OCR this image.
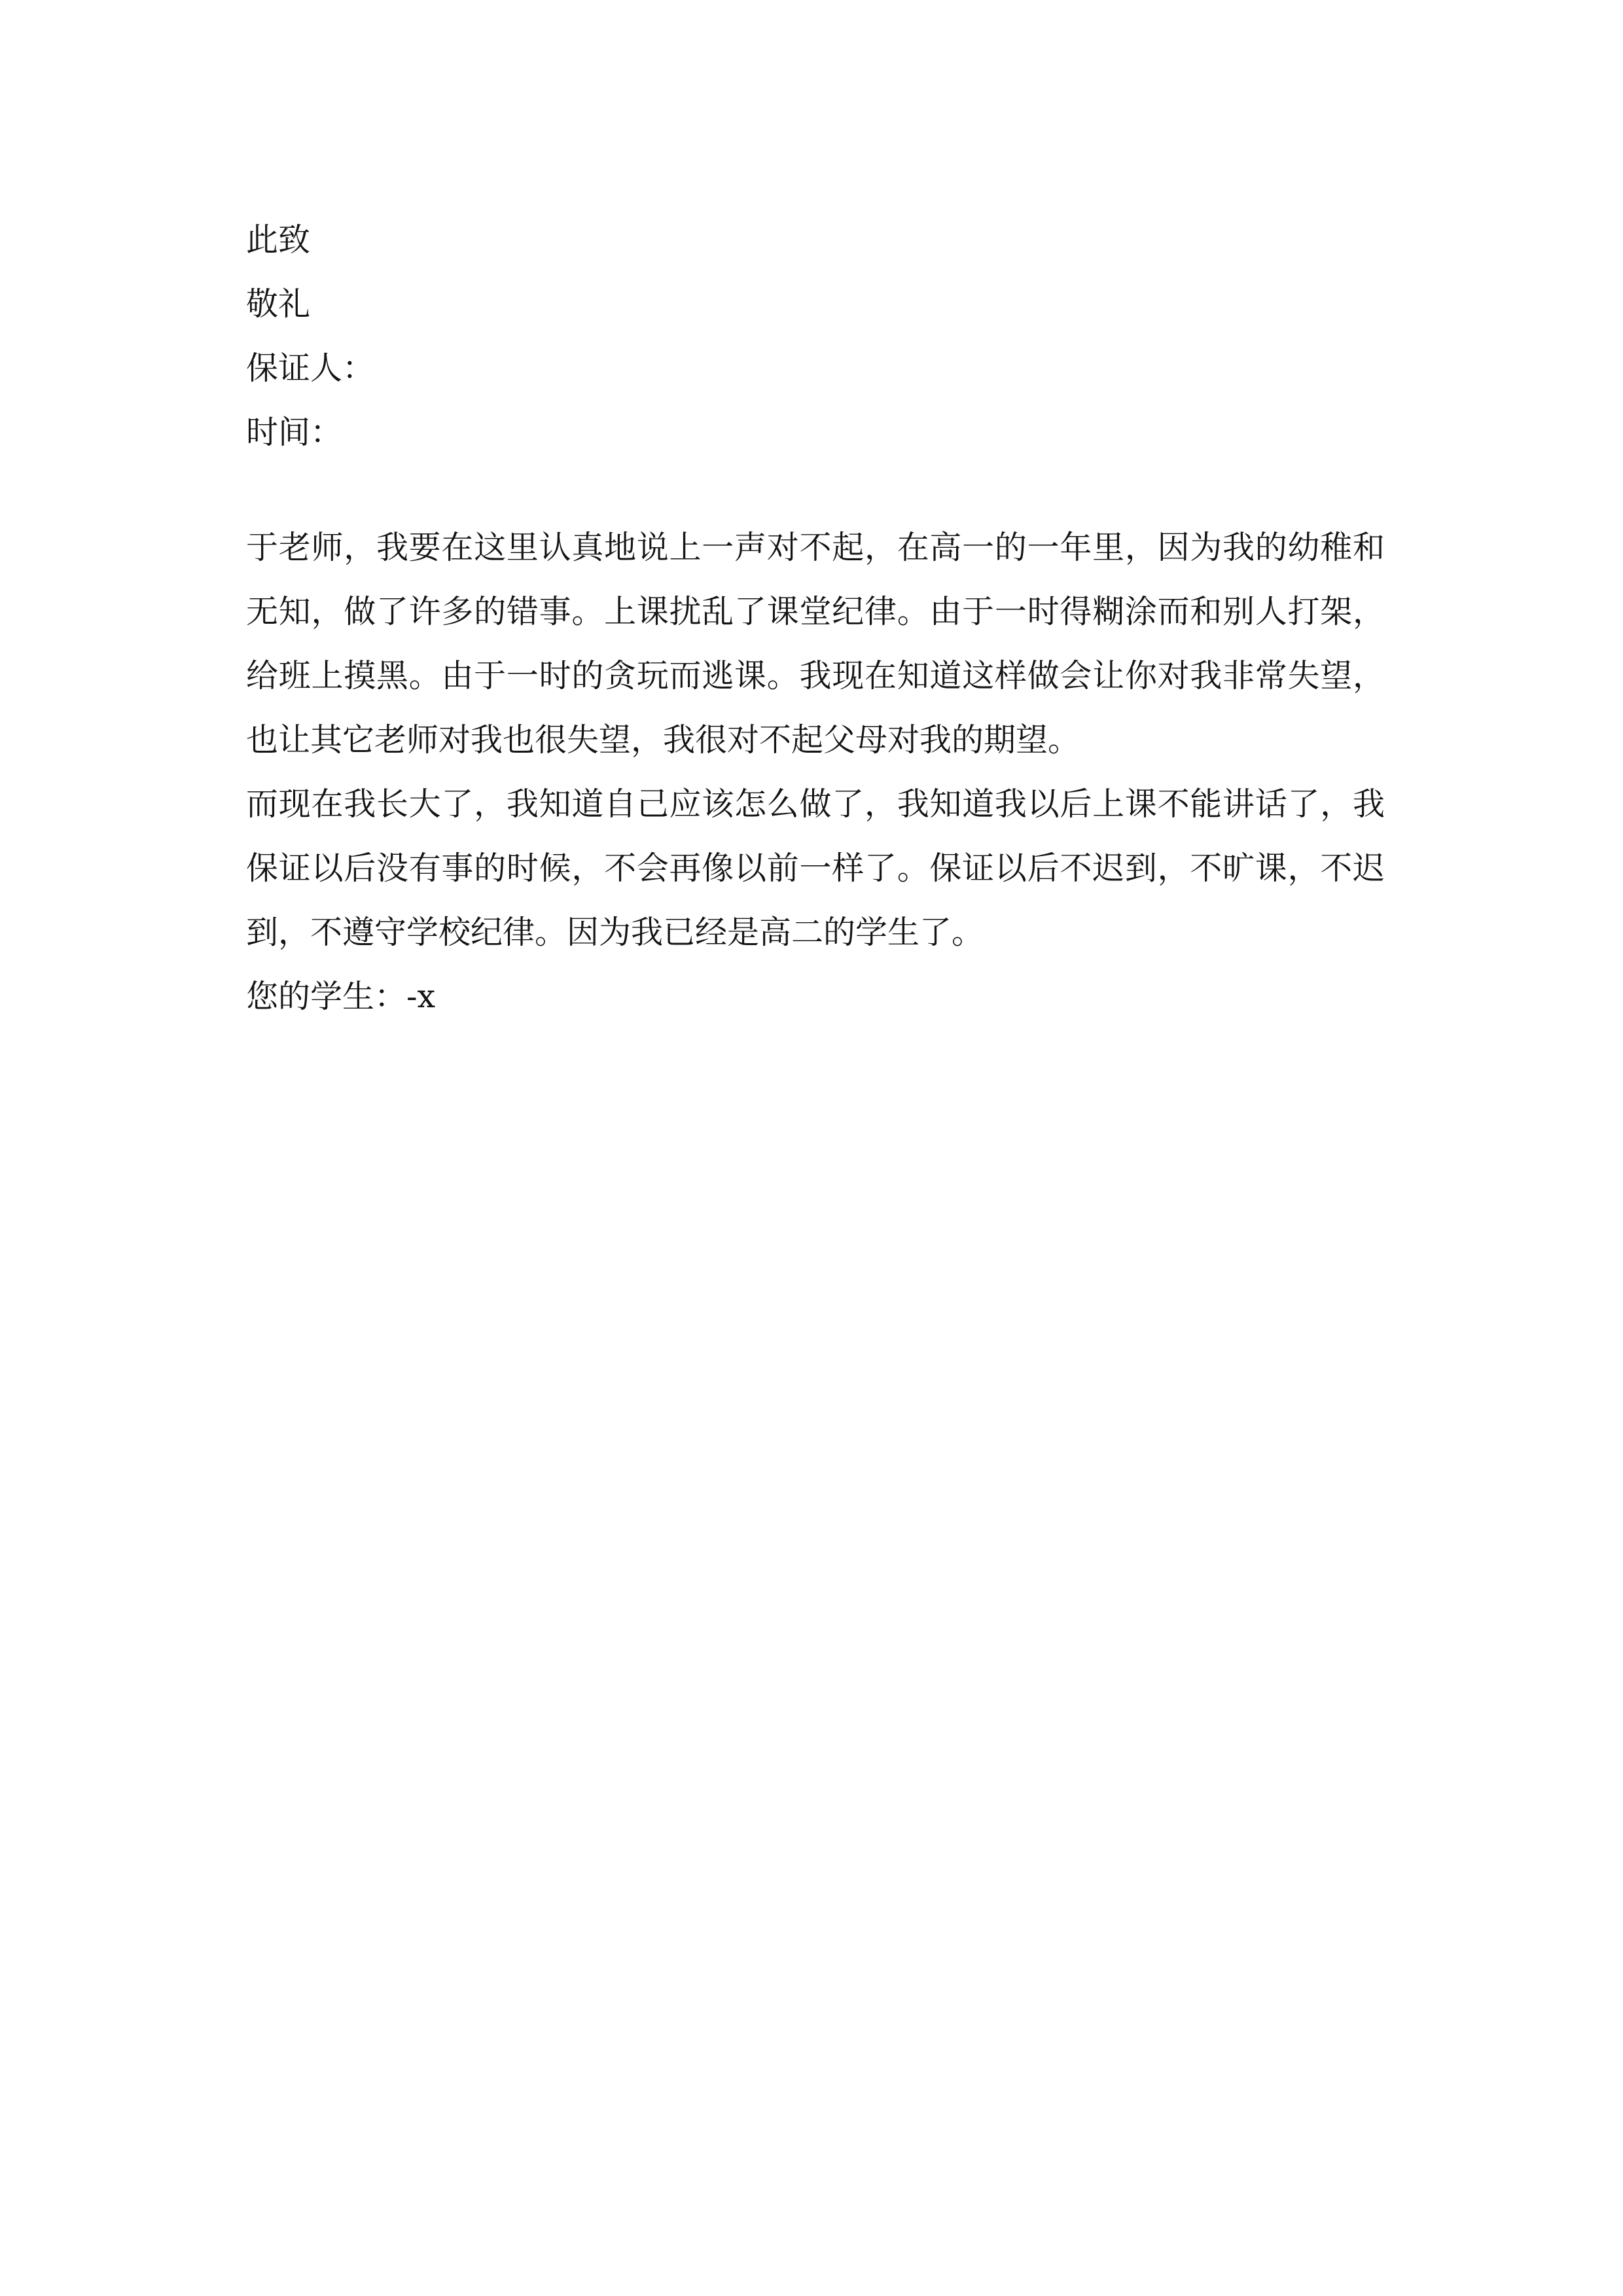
此致
敬礼
保证人：
时间：

于老师，我要在这里认真地说上一声对不起，在高一的一年里，因为我的幼稚和无知，做了许多的错事。上课扰乱了课堂纪律。由于一时得糊涂而和别人打架，给班上摸黑。由于一时的贪玩而逃课。我现在知道这样做会让你对我非常失望，也让其它老师对我也很失望，我很对不起父母对我的期望。

而现在我长大了，我知道自己应该怎么做了，我知道我以后上课不能讲话了，我保证以后没有事的时候，不会再像以前一样了。保证以后不迟到，不旷课，不迟到，不遵守学校纪律。因为我已经是高二的学生了。

您的学生：-x
